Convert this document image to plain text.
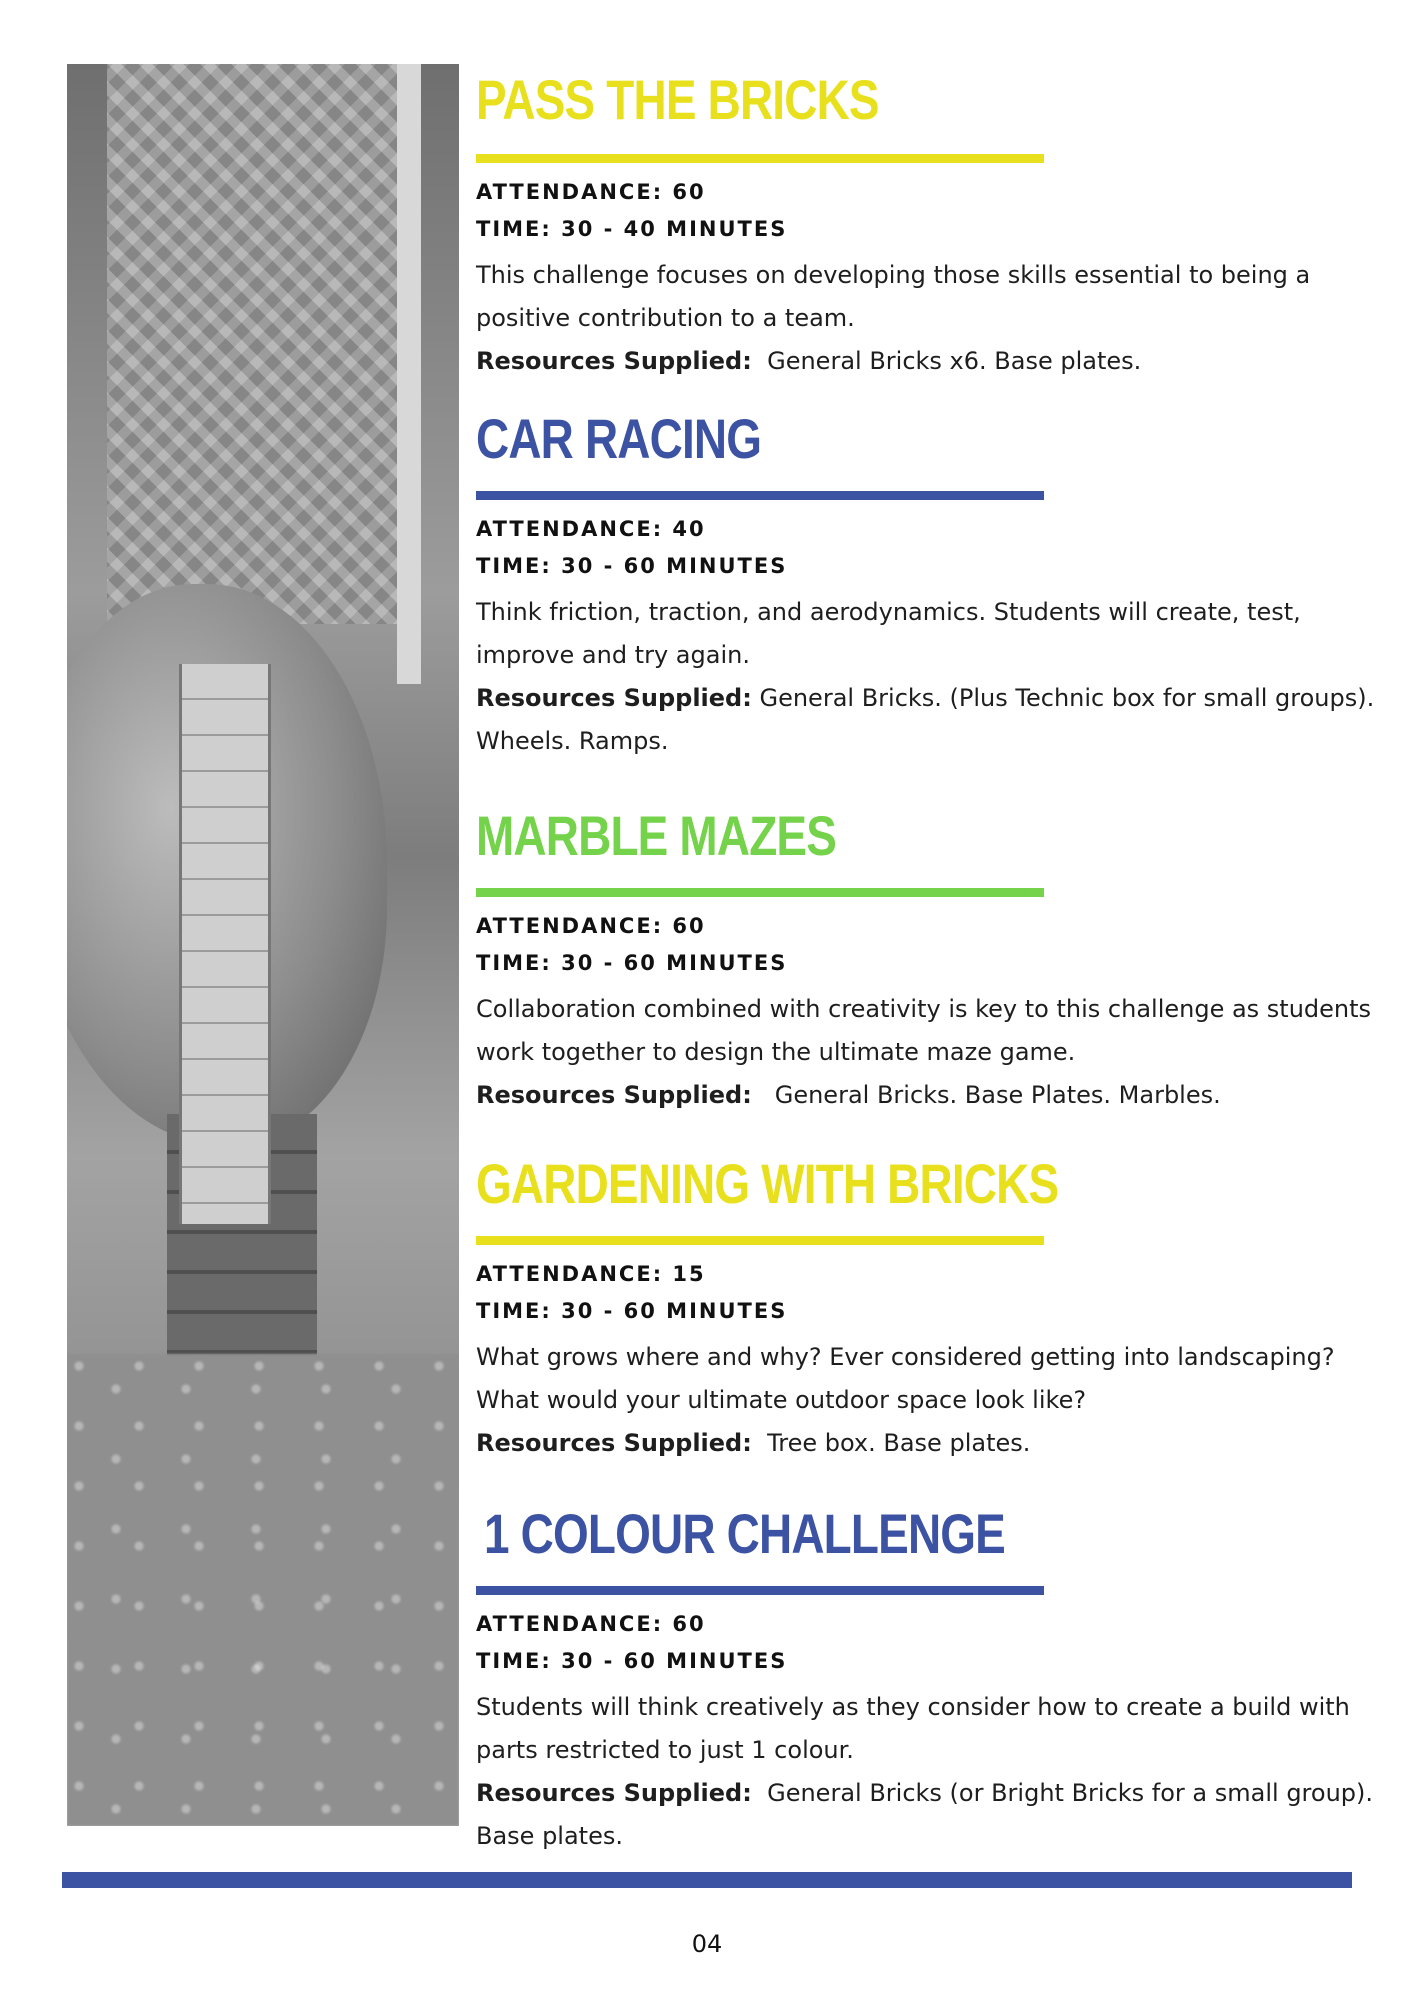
PASS THE BRICKS
ATTENDANCE: 60
TIME: 30 - 40 MINUTES
This challenge focuses on developing those skills essential to being a positive contribution to a team.
Resources Supplied: General Bricks x6. Base plates.
CAR RACING
ATTENDANCE: 40
TIME: 30 - 60 MINUTES
Think friction, traction, and aerodynamics. Students will create, test, improve and try again.
Resources Supplied: General Bricks. (Plus Technic box for small groups). Wheels. Ramps.
MARBLE MAZES
ATTENDANCE: 60
TIME: 30 - 60 MINUTES
Collaboration combined with creativity is key to this challenge as students work together to design the ultimate maze game.
Resources Supplied: General Bricks. Base Plates. Marbles.
GARDENING WITH BRICKS
ATTENDANCE: 15
TIME: 30 - 60 MINUTES
What grows where and why? Ever considered getting into landscaping? What would your ultimate outdoor space look like?
Resources Supplied: Tree box. Base plates.
1 COLOUR CHALLENGE
ATTENDANCE: 60
TIME: 30 - 60 MINUTES
Students will think creatively as they consider how to create a build with parts restricted to just 1 colour.
Resources Supplied: General Bricks (or Bright Bricks for a small group). Base plates.
04
